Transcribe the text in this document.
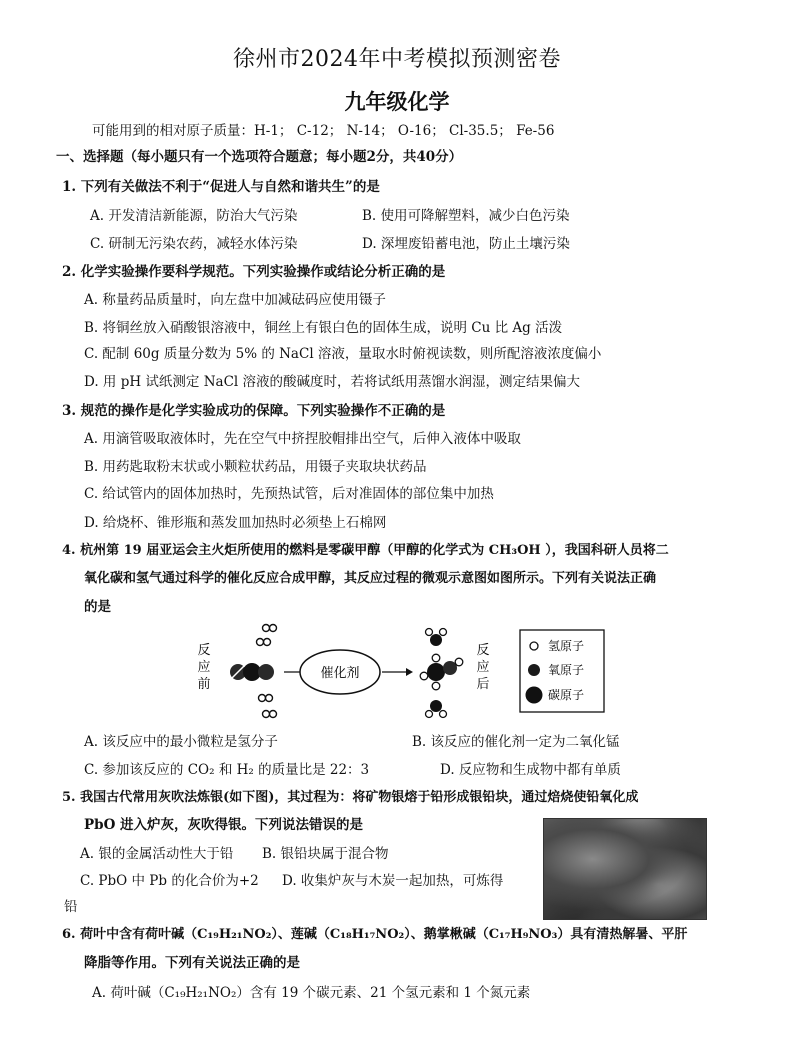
徐州市2024年中考模拟预测密卷
九年级化学
可能用到的相对原子质量：H-1； C-12； N-14； O-16； Cl-35.5； Fe-56
一、选择题（每小题只有一个选项符合题意；每小题2分，共40分）
1. 下列有关做法不利于“促进人与自然和谐共生”的是
A. 开发清洁新能源，防治大气污染	B. 使用可降解塑料，减少白色污染
C. 研制无污染农药，减轻水体污染	D. 深埋废铅蓄电池，防止土壤污染
2. 化学实验操作要科学规范。下列实验操作或结论分析正确的是
A. 称量药品质量时，向左盘中加减砝码应使用镊子
B. 将铜丝放入硝酸银溶液中，铜丝上有银白色的固体生成，说明 Cu 比 Ag 活泼
C. 配制 60g 质量分数为 5% 的 NaCl 溶液，量取水时俯视读数，则所配溶液浓度偏小
D. 用 pH 试纸测定 NaCl 溶液的酸碱度时，若将试纸用蒸馏水润湿，测定结果偏大
3. 规范的操作是化学实验成功的保障。下列实验操作不正确的是
A. 用滴管吸取液体时，先在空气中挤捏胶帽排出空气，后伸入液体中吸取
B. 用药匙取粉末状或小颗粒状药品，用镊子夹取块状药品
C. 给试管内的固体加热时，先预热试管，后对准固体的部位集中加热
D. 给烧杯、锥形瓶和蒸发皿加热时必须垫上石棉网
4. 杭州第 19 届亚运会主火炬所使用的燃料是零碳甲醇（甲醇的化学式为 CH₃OH ），我国科研人员将二
氧化碳和氢气通过科学的催化反应合成甲醇，其反应过程的微观示意图如图所示。下列有关说法正确
的是
反应前
催化剂
反应后
氢原子
氧原子
碳原子
A. 该反应中的最小微粒是氢分子	B. 该反应的催化剂一定为二氧化锰
C. 参加该反应的 CO₂ 和 H₂ 的质量比是 22：3	D. 反应物和生成物中都有单质
5. 我国古代常用灰吹法炼银(如下图)，其过程为：将矿物银熔于铅形成银铅块，通过焙烧使铅氧化成
PbO 进入炉灰，灰吹得银。下列说法错误的是
A. 银的金属活动性大于铅 B. 银铅块属于混合物
C. PbO 中 Pb 的化合价为+2 D. 收集炉灰与木炭一起加热，可炼得
铅
6. 荷叶中含有荷叶碱（C₁₉H₂₁NO₂）、莲碱（C₁₈H₁₇NO₂）、鹅掌楸碱（C₁₇H₉NO₃）具有清热解暑、平肝
降脂等作用。下列有关说法正确的是
A. 荷叶碱（C₁₉H₂₁NO₂）含有 19 个碳元素、21 个氢元素和 1 个氮元素
